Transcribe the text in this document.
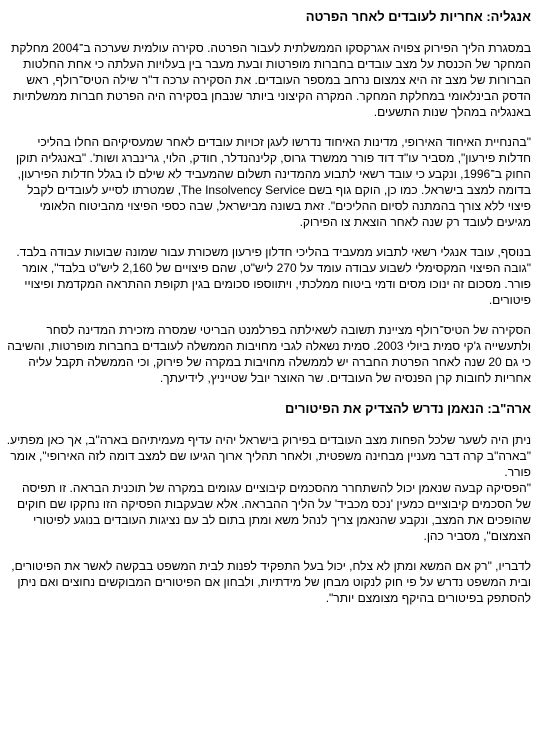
אנגליה: אחריות לעובדים לאחר הפרטה

במסגרת הליך הפירוק צפויה אגרקסקו הממשלתית לעבור הפרטה. סקירה עולמית שערכה ב־2004 מחלקת המחקר של הכנסת על מצב עובדים בחברות מופרטות ובעת מעבר בין בעלויות העלתה כי אחת החלטות הברורות של מצב זה היא צמצום נרחב במספר העובדים. את הסקירה ערכה ד"ר שילה הטיס־רולף, ראש הדסק הבינלאומי במחלקת המחקר. המקרה הקיצוני ביותר שנבחן בסקירה היה הפרטת חברות ממשלתיות באנגליה במהלך שנות התשעים.

"בהנחיית האיחוד האירופי, מדינות האיחוד נדרשו לעגן זכויות עובדים לאחר שמעסיקיהם החלו בהליכי חדלות פירעון", מסביר עו"ד דוד פורר ממשרד גרוס, קלינהנדלר, חודק, הלוי, גרינברג ושות'. "באנגליה תוקן החוק ב־1996, ונקבע כי עובד רשאי לתבוע מהמדינה תשלום שהמעביד לא שילם לו בגלל חדלות הפירעון, בדומה למצב בישראל. כמו כן, הוקם גוף בשם The Insolvency Service, שמטרתו לסייע לעובדים לקבל פיצוי ללא צורך בהמתנה לסיום ההליכים". זאת בשונה מבישראל, שבה כספי הפיצוי מהביטוח הלאומי מגיעים לעובד רק שנה לאחר הוצאת צו הפירוק.

בנוסף, עובד אנגלי רשאי לתבוע ממעביד בהליכי חדלון פירעון משכורת עבור שמונה שבועות עבודה בלבד. "גובה הפיצוי המקסימלי לשבוע עבודה עומד על 270 ליש"ט, שהם פיצויים של 2,160 ליש"ט בלבד", אומר פורר. מסכום זה ינוכו מסים ודמי ביטוח ממלכתי, ויתווספו סכומים בגין תקופת ההתראה המקדמת ופיצויי פיטורים.

הסקירה של הטיס־רולף מציינת תשובה לשאילתה בפרלמנט הבריטי שמסרה מזכירת המדינה לסחר ולתעשייה ג'קי סמית ביולי 2003. סמית נשאלה לגבי מחויבות הממשלה לעובדים בחברות מופרטות, והשיבה כי גם 20 שנה לאחר הפרטת החברה יש לממשלה מחויבות במקרה של פירוק, וכי הממשלה תקבל עליה אחריות לחובות קרן הפנסיה של העובדים. שר האוצר יובל שטייניץ, לידיעתך.

ארה"ב: הנאמן נדרש להצדיק את הפיטורים

ניתן היה לשער שלכל הפחות מצב העובדים בפירוק בישראל יהיה עדיף מעמיתיהם בארה"ב, אך כאן מפתיע. "בארה"ב קרה דבר מעניין מבחינה משפטית, ולאחר תהליך ארוך הגיעו שם למצב דומה לזה האירופי", אומר פורר.

"הפסיקה קבעה שנאמן יכול להשתחרר מהסכמים קיבוציים עגומים במקרה של תוכנית הבראה. זו תפיסה של הסכמים קיבוציים כמעין 'נכס מכביד' על הליך ההבראה. אלא שבעקבות הפסיקה הזו נחקקו שם חוקים שהופכים את המצב, ונקבע שהנאמן צריך לנהל משא ומתן בתום לב עם נציגות העובדים בנוגע לפיטורי הצמצום", מסביר כהן.

לדבריו, "רק אם המשא ומתן לא צלח, יכול בעל התפקיד לפנות לבית המשפט בבקשה לאשר את הפיטורים, ובית המשפט נדרש על פי חוק לנקוט מבחן של מידתיות, ולבחון אם הפיטורים המבוקשים נחוצים ואם ניתן להסתפק בפיטורים בהיקף מצומצם יותר".
